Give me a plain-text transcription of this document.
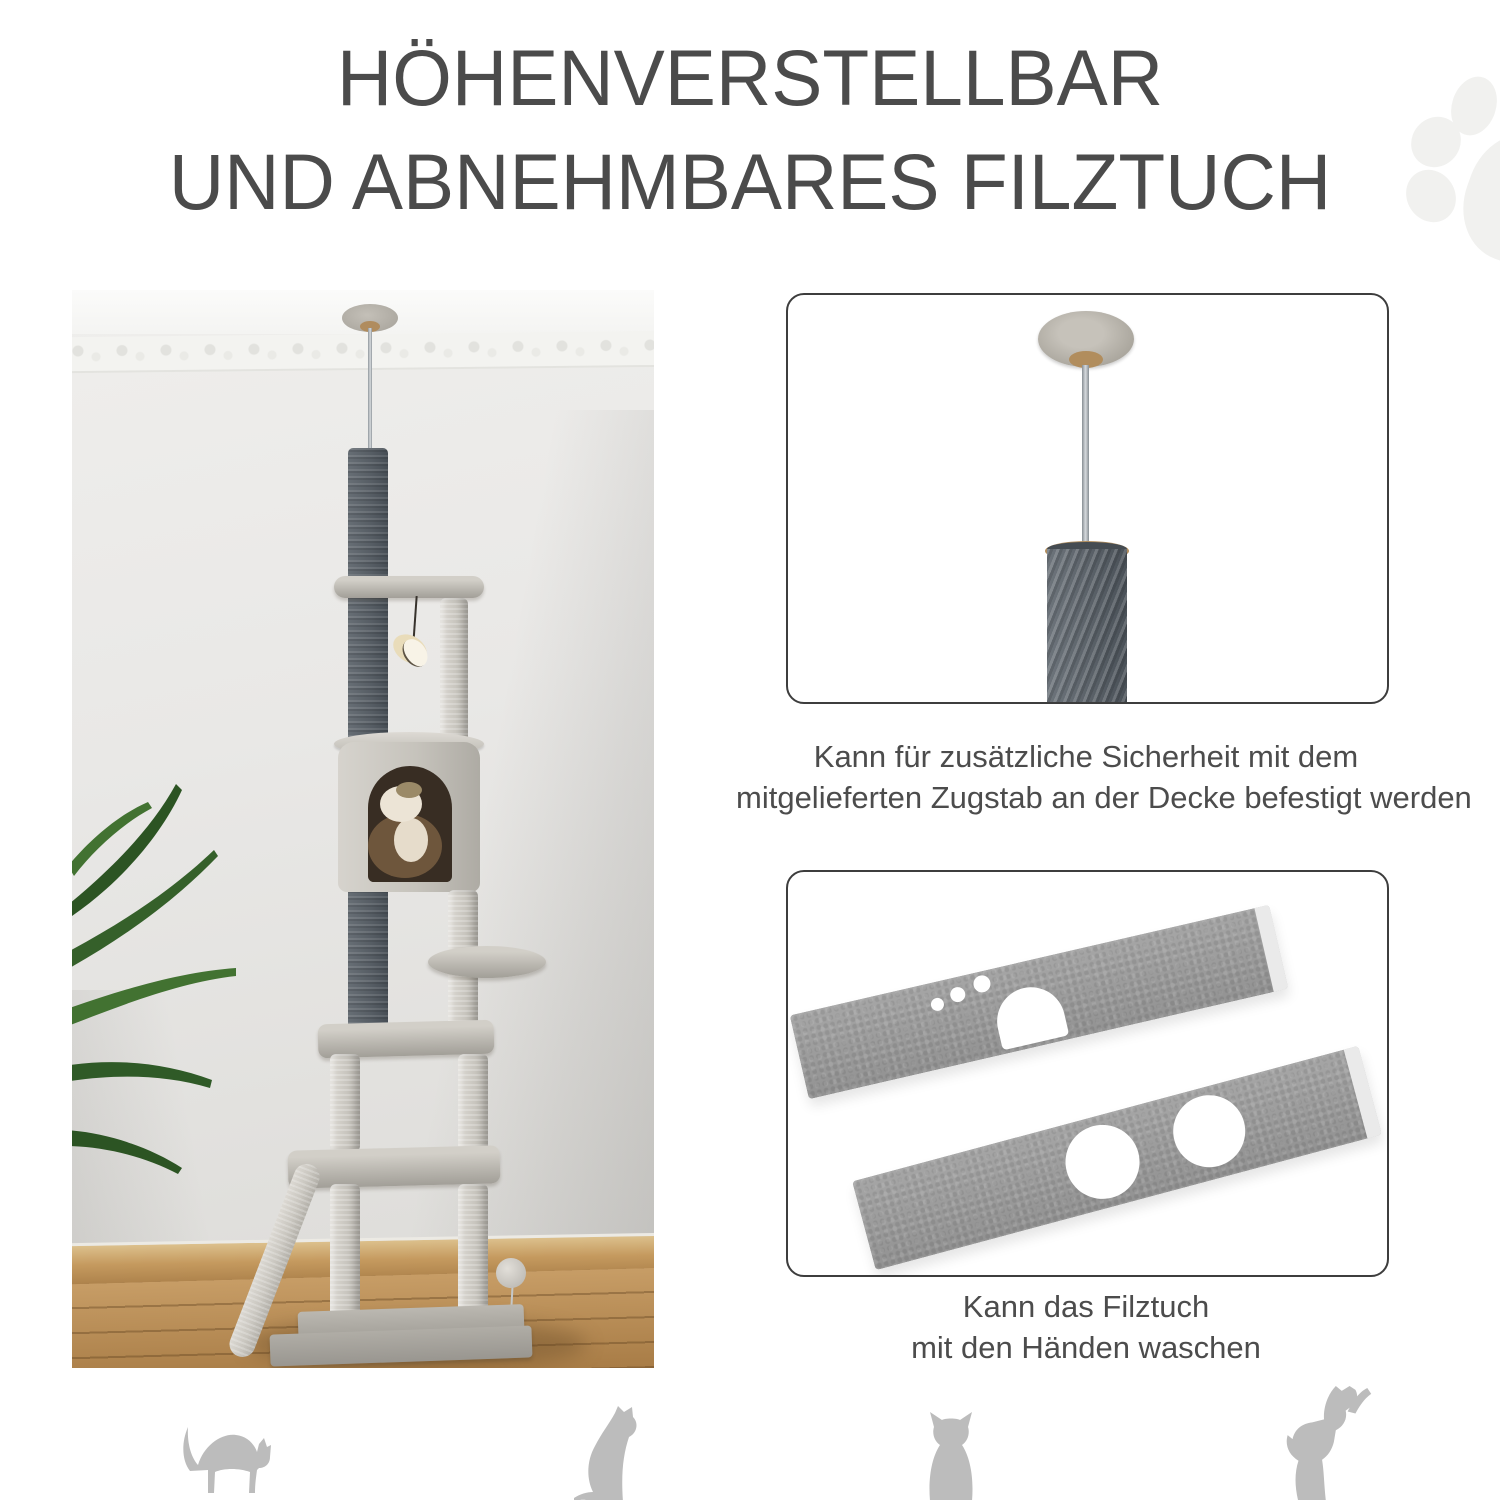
HÖHENVERSTELLBAR
UND ABNEHMBARES FILZTUCH
Kann für zusätzliche Sicherheit mit dem
mitgelieferten Zugstab an der Decke befestigt werden
Kann das Filztuch
mit den Händen waschen
